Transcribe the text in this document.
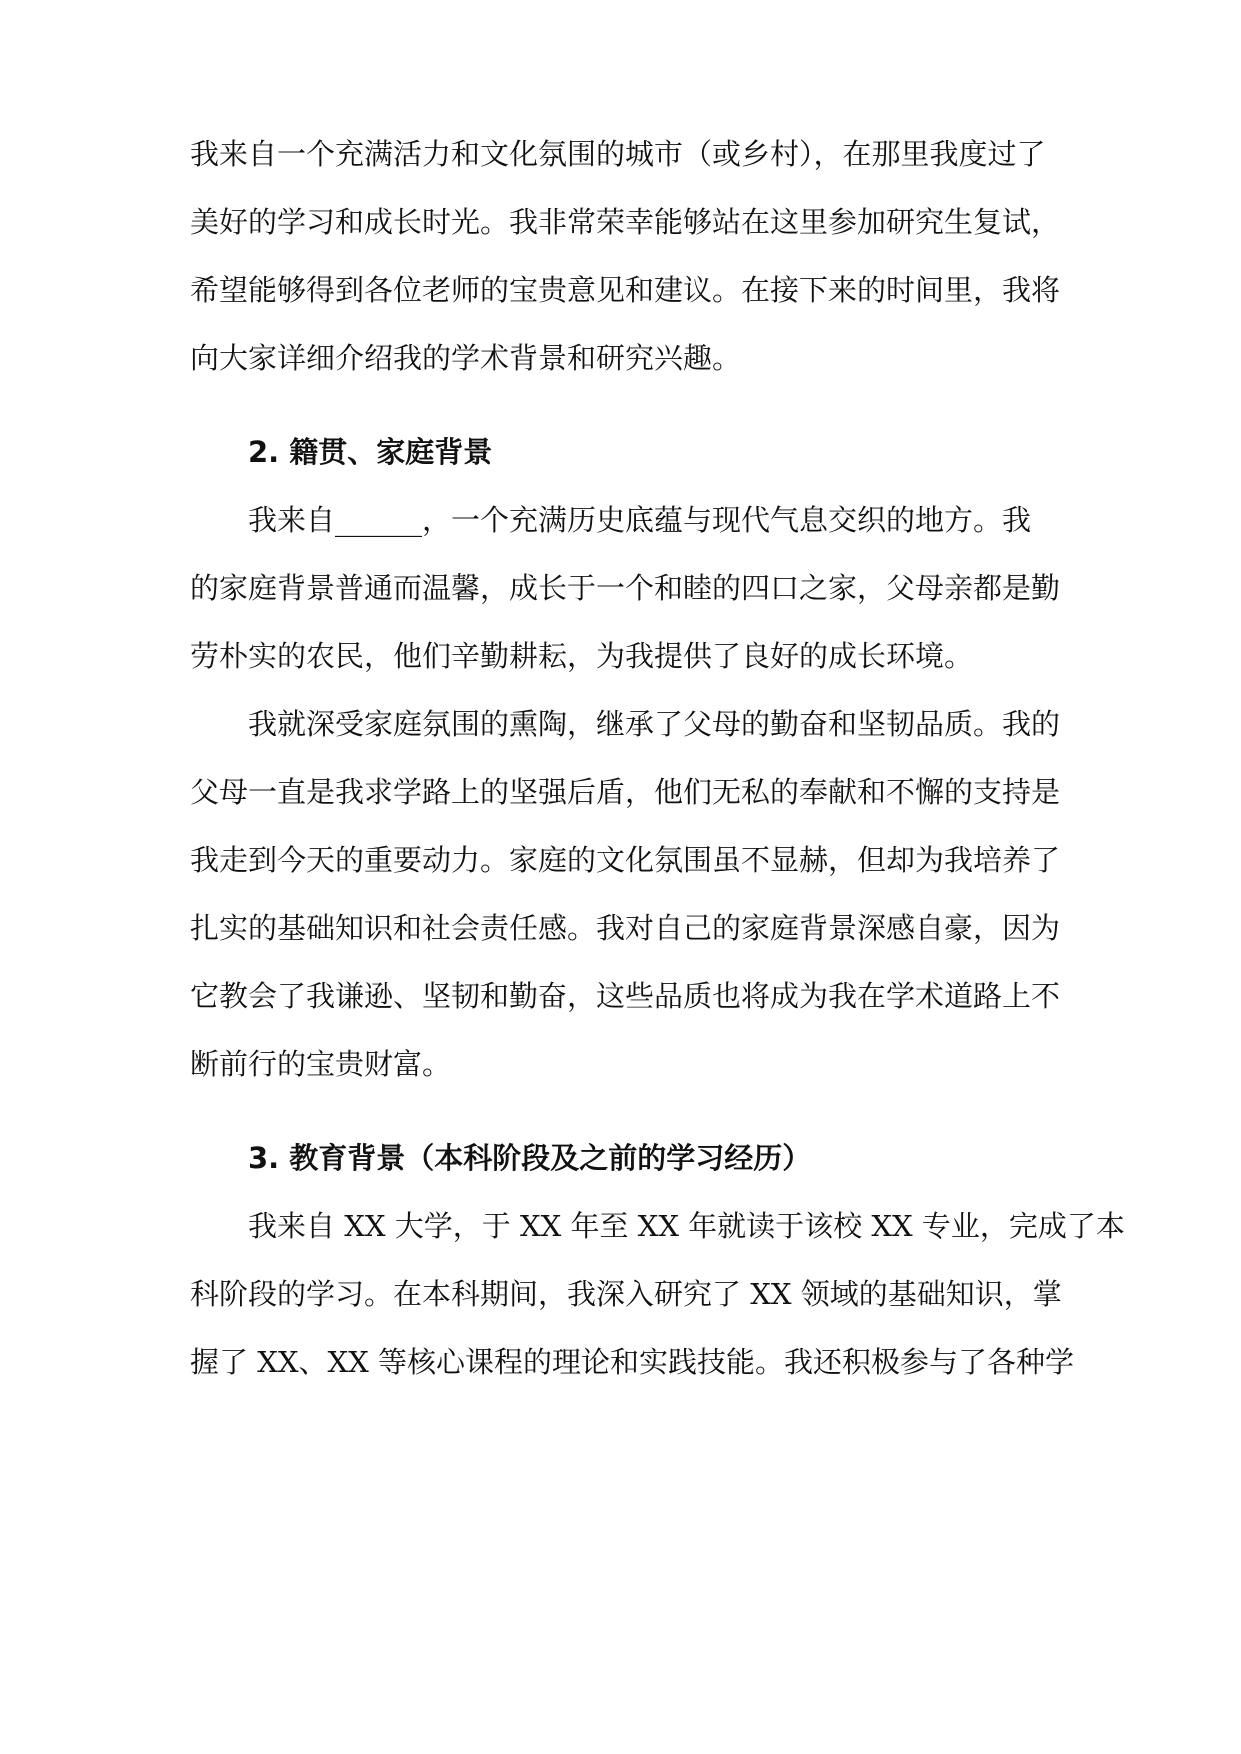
我来自一个充满活力和文化氛围的城市（或乡村），在那里我度过了
美好的学习和成长时光。我非常荣幸能够站在这里参加研究生复试，
希望能够得到各位老师的宝贵意见和建议。在接下来的时间里，我将
向大家详细介绍我的学术背景和研究兴趣。
2. 籍贯、家庭背景
我来自______，一个充满历史底蕴与现代气息交织的地方。我
的家庭背景普通而温馨，成长于一个和睦的四口之家，父母亲都是勤
劳朴实的农民，他们辛勤耕耘，为我提供了良好的成长环境。
我就深受家庭氛围的熏陶，继承了父母的勤奋和坚韧品质。我的
父母一直是我求学路上的坚强后盾，他们无私的奉献和不懈的支持是
我走到今天的重要动力。家庭的文化氛围虽不显赫，但却为我培养了
扎实的基础知识和社会责任感。我对自己的家庭背景深感自豪，因为
它教会了我谦逊、坚韧和勤奋，这些品质也将成为我在学术道路上不
断前行的宝贵财富。
3. 教育背景（本科阶段及之前的学习经历）
我来自 XX 大学，于 XX 年至 XX 年就读于该校 XX 专业，完成了本
科阶段的学习。在本科期间，我深入研究了 XX 领域的基础知识，掌
握了 XX、XX 等核心课程的理论和实践技能。我还积极参与了各种学
